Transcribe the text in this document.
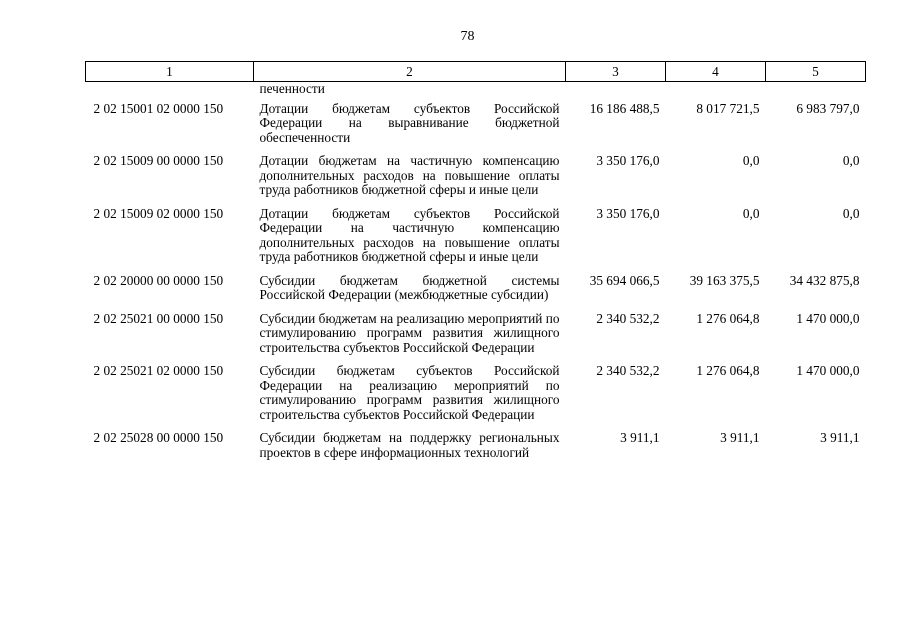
78
1	2	3	4	5
	печенности			
2 02 15001 02 0000 150	Дотации бюджетам субъектов Российской Федерации на выравнивание бюджетной обеспеченности	16 186 488,5	8 017 721,5	6 983 797,0
2 02 15009 00 0000 150	Дотации бюджетам на частичную компенсацию дополнительных расходов на повышение оплаты труда работников бюджетной сферы и иные цели	3 350 176,0	0,0	0,0
2 02 15009 02 0000 150	Дотации бюджетам субъектов Российской Федерации на частичную компенсацию дополнительных расходов на повышение оплаты труда работников бюджетной сферы и иные цели	3 350 176,0	0,0	0,0
2 02 20000 00 0000 150	Субсидии бюджетам бюджетной системы Российской Федерации (межбюджетные субсидии)	35 694 066,5	39 163 375,5	34 432 875,8
2 02 25021 00 0000 150	Субсидии бюджетам на реализацию мероприятий по стимулированию программ развития жилищного строительства субъектов Российской Федерации	2 340 532,2	1 276 064,8	1 470 000,0
2 02 25021 02 0000 150	Субсидии бюджетам субъектов Российской Федерации на реализацию мероприятий по стимулированию программ развития жилищного строительства субъектов Российской Федерации	2 340 532,2	1 276 064,8	1 470 000,0
2 02 25028 00 0000 150	Субсидии бюджетам на поддержку региональных проектов в сфере информационных технологий	3 911,1	3 911,1	3 911,1
